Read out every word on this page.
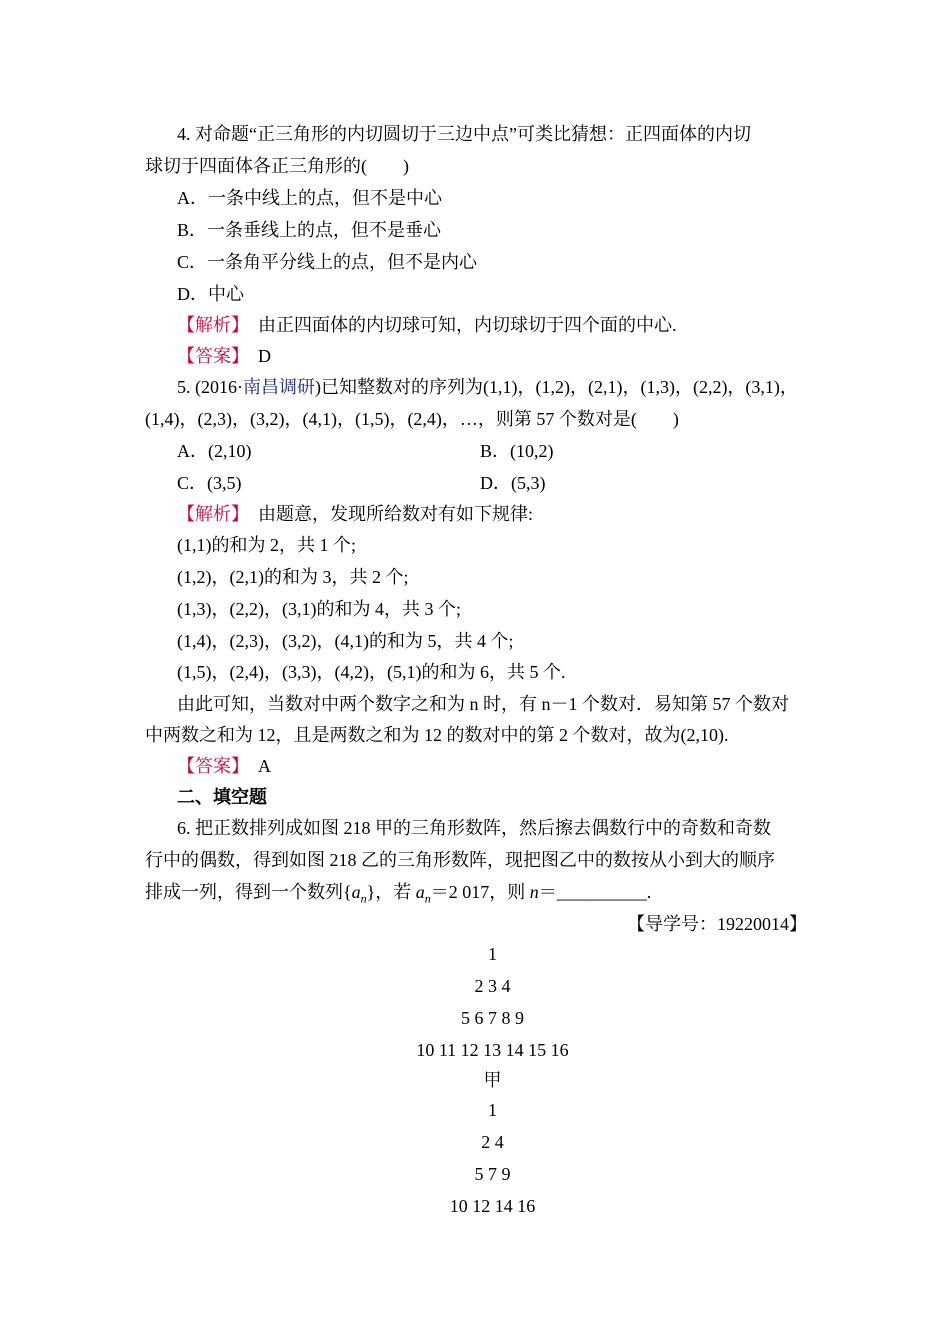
4. 对命题“正三角形的内切圆切于三边中点”可类比猜想：正四面体的内切
球切于四面体各正三角形的(　　)
A．一条中线上的点，但不是中心
B．一条垂线上的点，但不是垂心
C．一条角平分线上的点，但不是内心
D．中心
【解析】　由正四面体的内切球可知，内切球切于四个面的中心.
【答案】　D
5. (2016·南昌调研)已知整数对的序列为(1,1)，(1,2)，(2,1)，(1,3)，(2,2)，(3,1)，
(1,4)，(2,3)，(3,2)，(4,1)，(1,5)，(2,4)，…，则第 57 个数对是(　　)
A．(2,10)	B．(10,2)
C．(3,5)	D．(5,3)
【解析】　由题意，发现所给数对有如下规律:
(1,1)的和为 2，共 1 个;
(1,2)，(2,1)的和为 3，共 2 个;
(1,3)，(2,2)，(3,1)的和为 4，共 3 个;
(1,4)，(2,3)，(3,2)，(4,1)的和为 5，共 4 个;
(1,5)，(2,4)，(3,3)，(4,2)，(5,1)的和为 6，共 5 个.
由此可知，当数对中两个数字之和为 n 时，有 n－1 个数对．易知第 57 个数对
中两数之和为 12，且是两数之和为 12 的数对中的第 2 个数对，故为(2,10).
【答案】　A
二、填空题
6. 把正数排列成如图 218 甲的三角形数阵，然后擦去偶数行中的奇数和奇数
行中的偶数，得到如图 218 乙的三角形数阵，现把图乙中的数按从小到大的顺序
排成一列，得到一个数列$\{a_n\}$，若 $a_n=2$ 017，则 n＝__________.
【导学号：19220014】
1
2 3 4
5 6 7 8 9
10 11 12 13 14 15 16
甲
1
2 4
5 7 9
10 12 14 16
